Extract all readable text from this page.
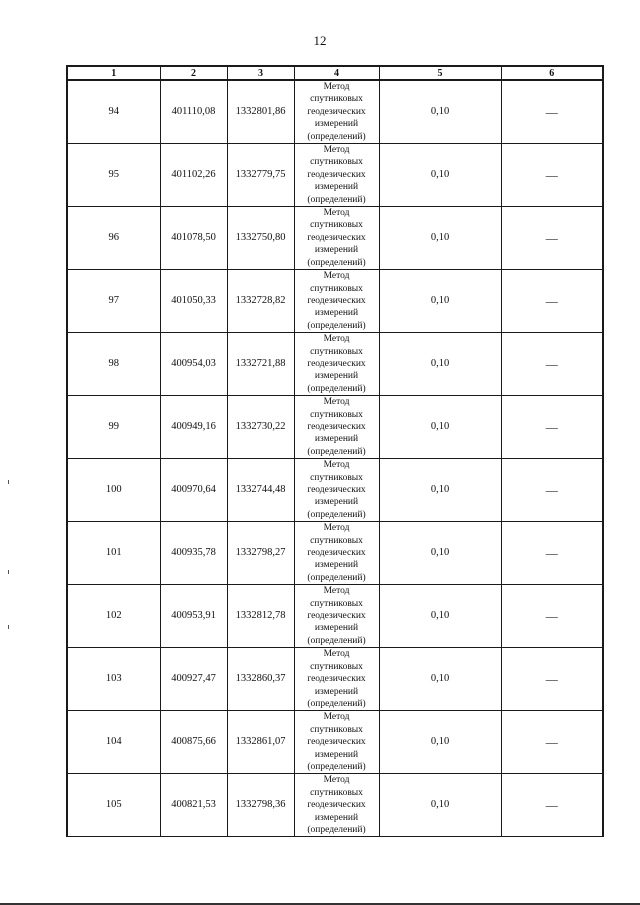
12
1	2	3	4	5	6
94	401110,08	1332801,86	Метод
спутниковых
геодезических
измерений
(определений)	0,10	—
95	401102,26	1332779,75	Метод
спутниковых
геодезических
измерений
(определений)	0,10	—
96	401078,50	1332750,80	Метод
спутниковых
геодезических
измерений
(определений)	0,10	—
97	401050,33	1332728,82	Метод
спутниковых
геодезических
измерений
(определений)	0,10	—
98	400954,03	1332721,88	Метод
спутниковых
геодезических
измерений
(определений)	0,10	—
99	400949,16	1332730,22	Метод
спутниковых
геодезических
измерений
(определений)	0,10	—
100	400970,64	1332744,48	Метод
спутниковых
геодезических
измерений
(определений)	0,10	—
101	400935,78	1332798,27	Метод
спутниковых
геодезических
измерений
(определений)	0,10	—
102	400953,91	1332812,78	Метод
спутниковых
геодезических
измерений
(определений)	0,10	—
103	400927,47	1332860,37	Метод
спутниковых
геодезических
измерений
(определений)	0,10	—
104	400875,66	1332861,07	Метод
спутниковых
геодезических
измерений
(определений)	0,10	—
105	400821,53	1332798,36	Метод
спутниковых
геодезических
измерений
(определений)	0,10	—
